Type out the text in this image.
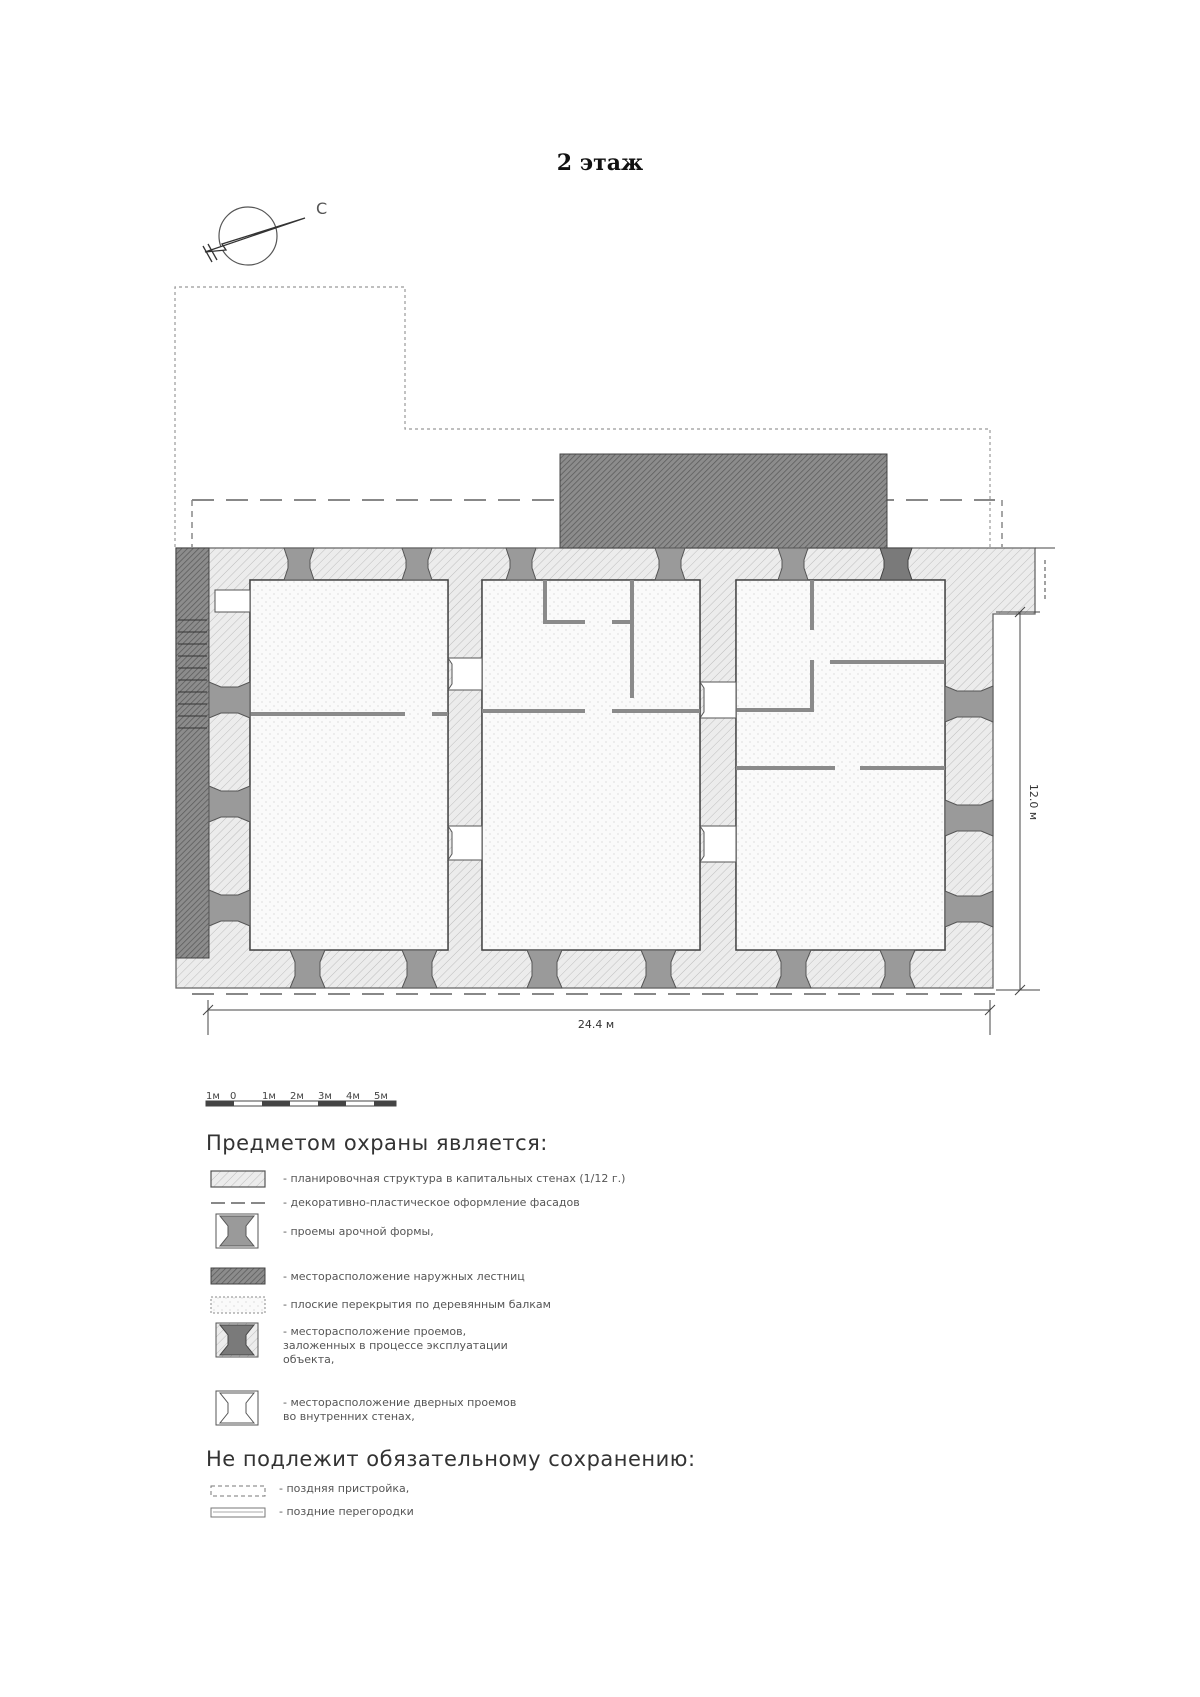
2 этаж
С
24.4 м
12.0 м
1м 0	1м 2м 3м 4м 5м
Предметом охраны является:
- планировочная структура в капитальных стенах (1/12 г.)
- декоративно-пластическое оформление фасадов
- проемы арочной формы,
- месторасположение наружных лестниц
- плоские перекрытия по деревянным балкам
- месторасположение проемов,
заложенных в процессе эксплуатации
объекта,
- месторасположение дверных проемов
во внутренних стенах,
Не подлежит обязательному сохранению:
- поздняя пристройка,
- поздние перегородки
